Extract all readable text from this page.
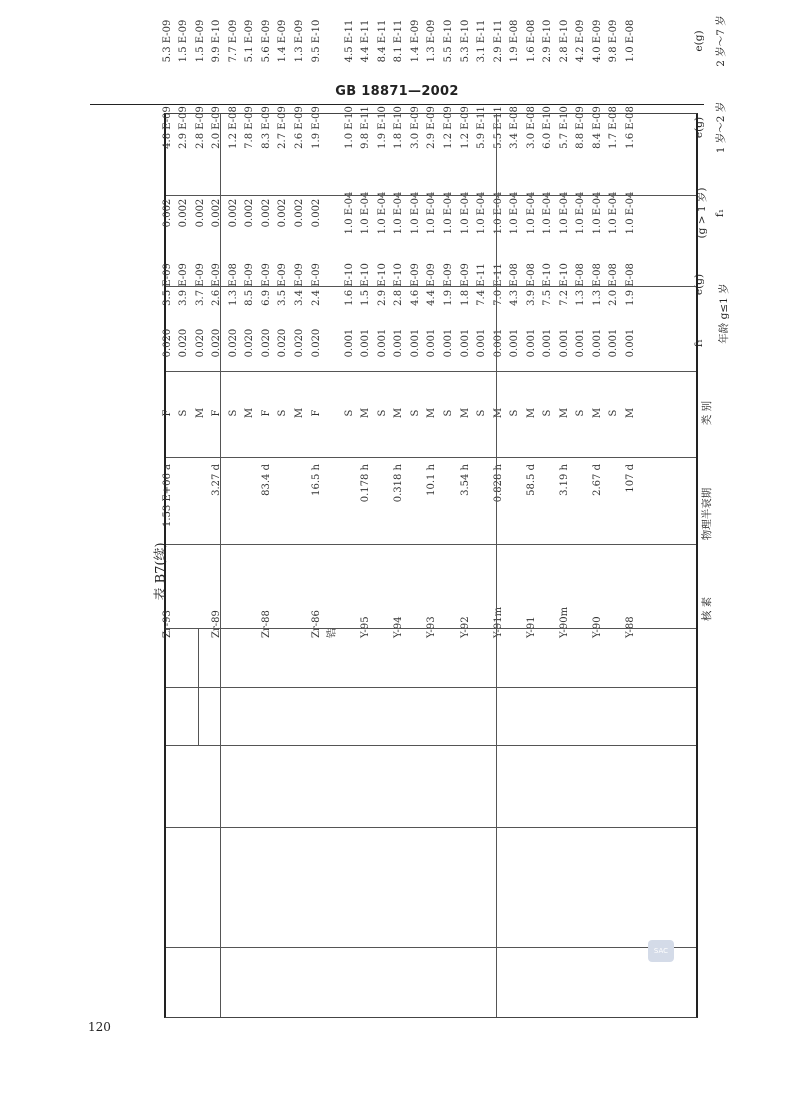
GB 18871—2002
表 B7(续)
核 素
物理半衰期
类 别
f₁
e(g)
1 岁～2 岁
2 岁～7 岁
e(g)
e(g)
年龄 g≤1 岁
f₁
(g > 1 岁)
Y-88
107 d
M
0.001
1.9 E-08
1.0 E-04
1.6 E-08
1.0 E-08
S
0.001
2.0 E-08
1.0 E-04
1.7 E-08
9.8 E-09
Y-90
2.67 d
M
0.001
1.3 E-08
1.0 E-04
8.4 E-09
4.0 E-09
S
0.001
1.3 E-08
1.0 E-04
8.8 E-09
4.2 E-09
Y-90m
3.19 h
M
0.001
7.2 E-10
1.0 E-04
5.7 E-10
2.8 E-10
S
0.001
7.5 E-10
1.0 E-04
6.0 E-10
2.9 E-10
Y-91
58.5 d
M
0.001
3.9 E-08
1.0 E-04
3.0 E-08
1.6 E-08
S
0.001
4.3 E-08
1.0 E-04
3.4 E-08
1.9 E-08
Y-91m
0.828 h
M
0.001
7.0 E-11
1.0 E-04
5.5 E-11
2.9 E-11
S
0.001
7.4 E-11
1.0 E-04
5.9 E-11
3.1 E-11
Y-92
3.54 h
M
0.001
1.8 E-09
1.0 E-04
1.2 E-09
5.3 E-10
S
0.001
1.9 E-09
1.0 E-04
1.2 E-09
5.5 E-10
Y-93
10.1 h
M
0.001
4.4 E-09
1.0 E-04
2.9 E-09
1.3 E-09
S
0.001
4.6 E-09
1.0 E-04
3.0 E-09
1.4 E-09
Y-94
0.318 h
M
0.001
2.8 E-10
1.0 E-04
1.8 E-10
8.1 E-11
S
0.001
2.9 E-10
1.0 E-04
1.9 E-10
8.4 E-11
Y-95
0.178 h
M
0.001
1.5 E-10
1.0 E-04
9.8 E-11
4.4 E-11
S
0.001
1.6 E-10
1.0 E-04
1.0 E-10
4.5 E-11
锆
Zr-86
16.5 h
F
0.020
2.4 E-09
0.002
1.9 E-09
9.5 E-10
M
0.020
3.4 E-09
0.002
2.6 E-09
1.3 E-09
S
0.020
3.5 E-09
0.002
2.7 E-09
1.4 E-09
Zr-88
83.4 d
F
0.020
6.9 E-09
0.002
8.3 E-09
5.6 E-09
M
0.020
8.5 E-09
0.002
7.8 E-09
5.1 E-09
S
0.020
1.3 E-08
0.002
1.2 E-08
7.7 E-09
Zr-89
3.27 d
F
0.020
2.6 E-09
0.002
2.0 E-09
9.9 E-10
M
0.020
3.7 E-09
0.002
2.8 E-09
1.5 E-09
S
0.020
3.9 E-09
0.002
2.9 E-09
1.5 E-09
Zr-93
1.53 E+06 a
F
0.020
3.5 E-09
0.002
4.8 E-09
5.3 E-09
SAC
120
